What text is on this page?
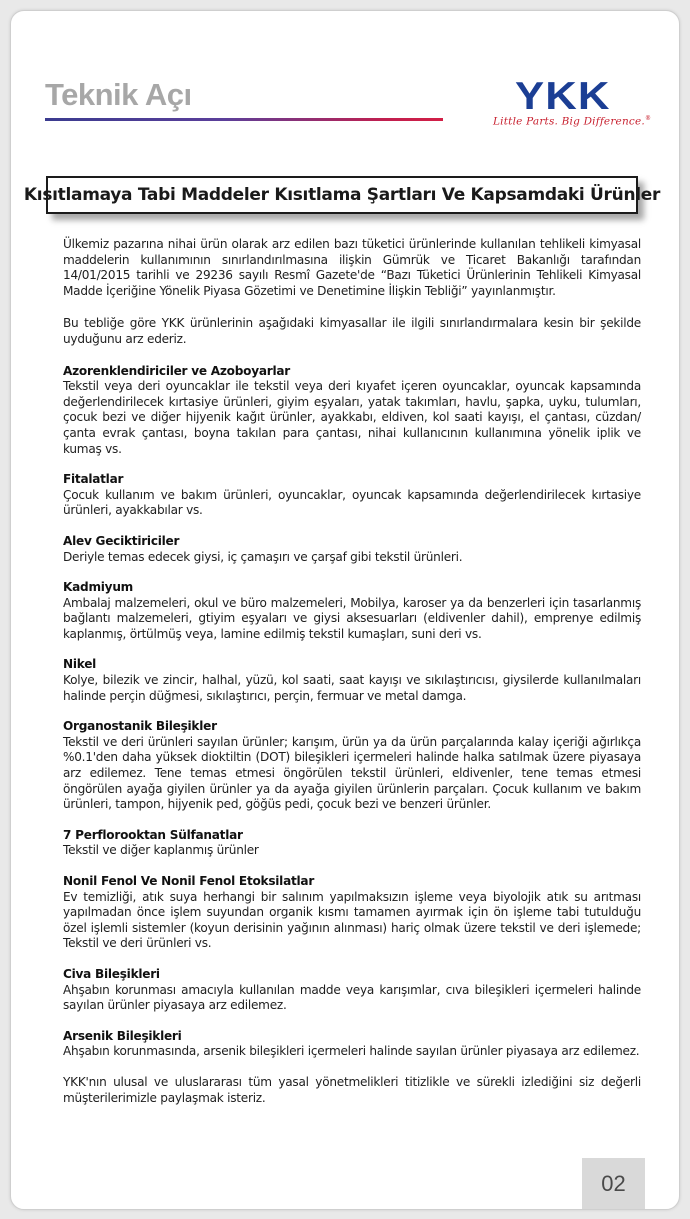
Teknik Açı	YKK
Little Parts. Big Difference.®
Kısıtlamaya Tabi Maddeler Kısıtlama Şartları Ve Kapsamdaki Ürünler

Ülkemiz pazarına nihai ürün olarak arz edilen bazı tüketici ürünlerinde kullanılan tehlikeli kimyasal maddelerin kullanımının sınırlandırılmasına ilişkin Gümrük ve Ticaret Bakanlığı tarafından 14/01/2015 tarihli ve 29236 sayılı Resmî Gazete'de “Bazı Tüketici Ürünlerinin Tehlikeli Kimyasal Madde İçeriğine Yönelik Piyasa Gözetimi ve Denetimine İlişkin Tebliği” yayınlanmıştır.

Bu tebliğe göre YKK ürünlerinin aşağıdaki kimyasallar ile ilgili sınırlandırmalara kesin bir şekilde uyduğunu arz ederiz.

Azorenklendiriciler ve Azoboyarlar

Tekstil veya deri oyuncaklar ile tekstil veya deri kıyafet içeren oyuncaklar, oyuncak kapsamında değerlendirilecek kırtasiye ürünleri, giyim eşyaları, yatak takımları, havlu, şapka, uyku, tulumları, çocuk bezi ve diğer hijyenik kağıt ürünler, ayakkabı, eldiven, kol saati kayışı, el çantası, cüzdan/çanta evrak çantası, boyna takılan para çantası, nihai kullanıcının kullanımına yönelik iplik ve kumaş vs.

Fitalatlar

Çocuk kullanım ve bakım ürünleri, oyuncaklar, oyuncak kapsamında değerlendirilecek kırtasiye ürünleri, ayakkabılar vs.

Alev Geciktiriciler

Deriyle temas edecek giysi, iç çamaşırı ve çarşaf gibi tekstil ürünleri.

Kadmiyum

Ambalaj malzemeleri, okul ve büro malzemeleri, Mobilya, karoser ya da benzerleri için tasarlanmış bağlantı malzemeleri, gtiyim eşyaları ve giysi aksesuarları (eldivenler dahil), emprenye edilmiş kaplanmış, örtülmüş veya, lamine edilmiş tekstil kumaşları, suni deri vs.

Nikel

Kolye, bilezik ve zincir, halhal, yüzü, kol saati, saat kayışı ve sıkılaştırıcısı, giysilerde kullanılmaları halinde perçin düğmesi, sıkılaştırıcı, perçin, fermuar ve metal damga.

Organostanik Bileşikler

Tekstil ve deri ürünleri sayılan ürünler; karışım, ürün ya da ürün parçalarında kalay içeriği ağırlıkça %0.1'den daha yüksek dioktiltin (DOT) bileşikleri içermeleri halinde halka satılmak üzere piyasaya arz edilemez. Tene temas etmesi öngörülen tekstil ürünleri, eldivenler, tene temas etmesi öngörülen ayağa giyilen ürünler ya da ayağa giyilen ürünlerin parçaları. Çocuk kullanım ve bakım ürünleri, tampon, hijyenik ped, göğüs pedi, çocuk bezi ve benzeri ürünler.

7 Perflorooktan Sülfanatlar

Tekstil ve diğer kaplanmış ürünler

Nonil Fenol Ve Nonil Fenol Etoksilatlar

Ev temizliği, atık suya herhangi bir salınım yapılmaksızın işleme veya biyolojik atık su arıtması yapılmadan önce işlem suyundan organik kısmı tamamen ayırmak için ön işleme tabi tutulduğu özel işlemli sistemler (koyun derisinin yağının alınması) hariç olmak üzere tekstil ve deri işlemede; Tekstil ve deri ürünleri vs.

Civa Bileşikleri

Ahşabın korunması amacıyla kullanılan madde veya karışımlar, cıva bileşikleri içermeleri halinde sayılan ürünler piyasaya arz edilemez.

Arsenik Bileşikleri

Ahşabın korunmasında, arsenik bileşikleri içermeleri halinde sayılan ürünler piyasaya arz edilemez.

YKK'nın ulusal ve uluslararası tüm yasal yönetmelikleri titizlikle ve sürekli izlediğini siz değerli müşterilerimizle paylaşmak isteriz.

02
